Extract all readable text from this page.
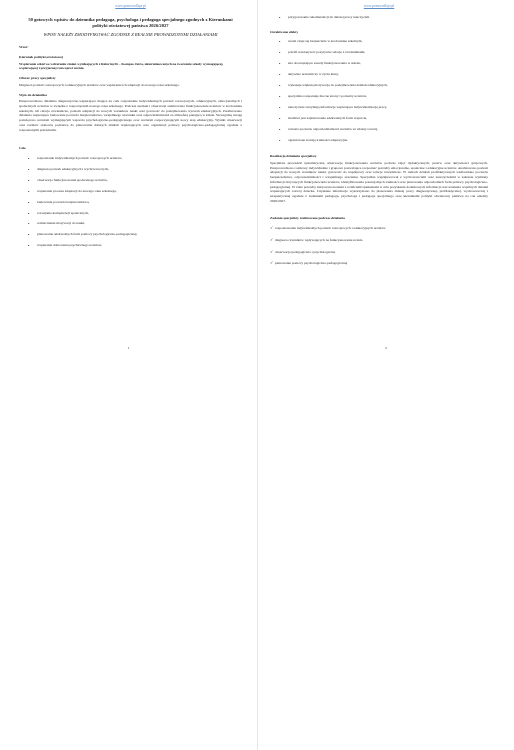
www.pomocedlaja.pl
50 gotowych wpisów do dziennika pedagoga, psychologa i pedagoga specjalnego zgodnych z Kierunkami polityki oświatowej państwa 2026/2027
WPISY NALEŻY ZMODYFIKOWAĆ ZGODNIE Z REALNIE PROWADZONYMI DZIAŁANIAMI
Wzór:
Kierunek polityki oświatowej
Wspieranie szkół we wdrażaniu zmian wynikających z Reformy26 – Kompas Jutra, ukierunkowanych na tworzenie szkoły wymagającej, wspierającej i przyjaznej rozwojowi ucznia.
Obszar pracy specjalisty
Diagnoza potrzeb rozwojowych i edukacyjnych uczniów oraz wspieranie ich adaptacji do nowego roku szkolnego.
Wpis do dziennika
Przeprowadzono działania diagnostyczno-wspierające mające na celu rozpoznanie indywidualnych potrzeb rozwojowych, edukacyjnych, emocjonalnych i społecznych uczniów w związku z rozpoczęciem nowego roku szkolnego. Podczas spotkań i obserwacji analizowano funkcjonowanie uczniów w środowisku szkolnym, ich relacje rówieśnicze, poziom adaptacji do nowych warunków nauki oraz gotowość do podejmowania wyzwań edukacyjnych. Zrealizowano działania wspierające budowanie poczucia bezpieczeństwa, wzajemnego szacunku oraz odpowiedzialności za atmosferę panującą w klasie. Szczególną uwagę poświęcono uczniom wymagającym wsparcia psychologiczno-pedagogicznego oraz uczniom rozpoczynającym nowy etap edukacyjny. Wyniki obserwacji oraz rozmów stanowią podstawę do planowania dalszych działań wspierających oraz organizacji pomocy psychologiczno-pedagogicznej zgodnie z rozpoznanymi potrzebami.
Cele
• rozpoznanie indywidualnych potrzeb rozwojowych uczniów,
• diagnoza potrzeb edukacyjnych i wychowawczych,
• obserwacja funkcjonowania społecznego uczniów,
• wspieranie procesu adaptacji do nowego roku szkolnego,
• budowanie poczucia bezpieczeństwa,
• rozwijanie kompetencji społecznych,
• wzmacnianie motywacji do nauki,
• planowanie adekwatnych form pomocy psychologiczno-pedagogicznej,
• wspieranie dobrostanu psychicznego uczniów,
1
www.pomocedlaja.pl
• przygotowanie rekomendacji do dalszej pracy nauczycieli.
Oczekiwane efekty
• uczeń czuje się bezpiecznie w środowisku szkolnym,
• potrafi nawiązywać pozytywne relacje z rówieśnikami,
• zna obowiązujące zasady funkcjonowania w szkole,
• aktywnie uczestniczy w życiu klasy,
• wykazuje większą motywację do podejmowania działań edukacyjnych,
• specjalista rozpoznaje mocne strony i potrzeby uczniów,
• nauczyciele otrzymują informacje wspierające indywidualizację pracy,
• możliwe jest zaplanowanie adekwatnych form wsparcia,
• wzrasta poczucie odpowiedzialności uczniów za własny rozwój,
• ograniczone zostają trudności adaptacyjne.
Realizacja działania specjalisty
Specjalista prowadził systematyczną obserwację funkcjonowania uczniów podczas zajęć dydaktycznych, przerw oraz aktywności grupowych. Przeprowadzono rozmowy indywidualne i grupowe pozwalające rozpoznać potrzeby emocjonalne, społeczne i edukacyjne uczniów. Analizowano poziom adaptacji do nowych warunków nauki, gotowość do współpracy oraz relacje rówieśnicze. W ramach działań profilaktycznych wzmacniano poczucie bezpieczeństwa, odpowiedzialności i wzajemnego szacunku. Specjalista współpracował z wychowawcami oraz nauczycielami w zakresie wymiany informacji dotyczących funkcjonowania uczniów, identyfikowania potencjalnych trudności oraz planowania odpowiednich form pomocy psychologiczno-pedagogicznej. W razie potrzeby inicjowano kontakt z rodzicami/opiekunami w celu pozyskania dodatkowych informacji oraz ustalenia wspólnych działań wspierających rozwój dziecka. Uzyskane informacje wykorzystano do planowania dalszej pracy diagnostycznej, profilaktycznej, wychowawczej i terapeutycznej zgodnie z zadaniami pedagoga, psychologa i pedagoga specjalnego oraz kierunkami polityki oświatowej państwa na rok szkolny 2026/2027.
Zadania specjalisty realizowane podczas działania
✓ rozpoznawanie indywidualnych potrzeb rozwojowych i edukacyjnych uczniów
✓ diagnoza czynników wpływających na funkcjonowanie ucznia
✓ obserwacja pedagogiczna i psychologiczna
✓ planowanie pomocy psychologiczno-pedagogicznej
2
